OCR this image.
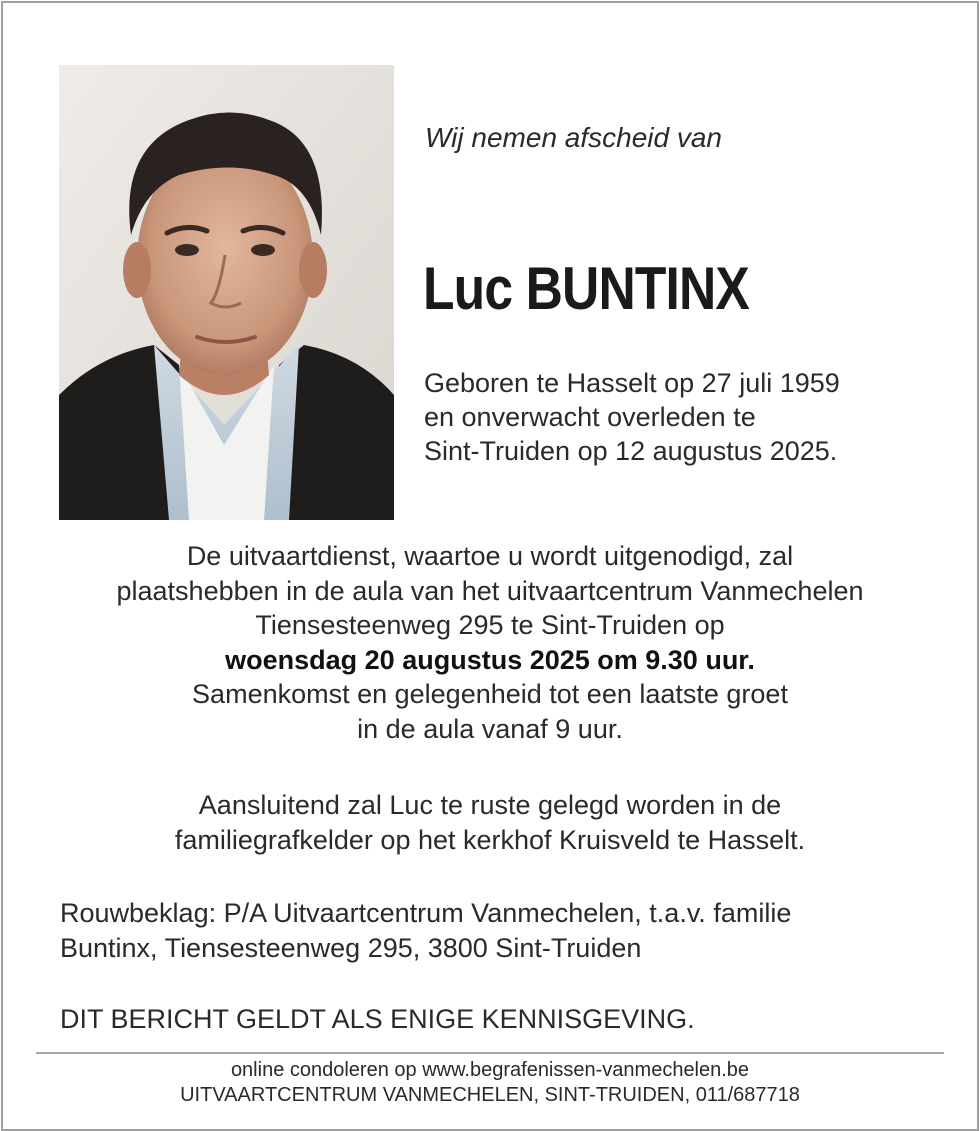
Wij nemen afscheid van
Luc BUNTINX
Geboren te Hasselt op 27 juli 1959
en onverwacht overleden te
Sint-Truiden op 12 augustus 2025.
De uitvaartdienst, waartoe u wordt uitgenodigd, zal
plaatshebben in de aula van het uitvaartcentrum Vanmechelen
Tiensesteenweg 295 te Sint-Truiden op
woensdag 20 augustus 2025 om 9.30 uur.
Samenkomst en gelegenheid tot een laatste groet
in de aula vanaf 9 uur.
Aansluitend zal Luc te ruste gelegd worden in de
familiegrafkelder op het kerkhof Kruisveld te Hasselt.
Rouwbeklag: P/A Uitvaartcentrum Vanmechelen, t.a.v. familie
Buntinx, Tiensesteenweg 295, 3800 Sint-Truiden
DIT BERICHT GELDT ALS ENIGE KENNISGEVING.
online condoleren op www.begrafenissen-vanmechelen.be
UITVAARTCENTRUM VANMECHELEN, SINT-TRUIDEN, 011/687718
